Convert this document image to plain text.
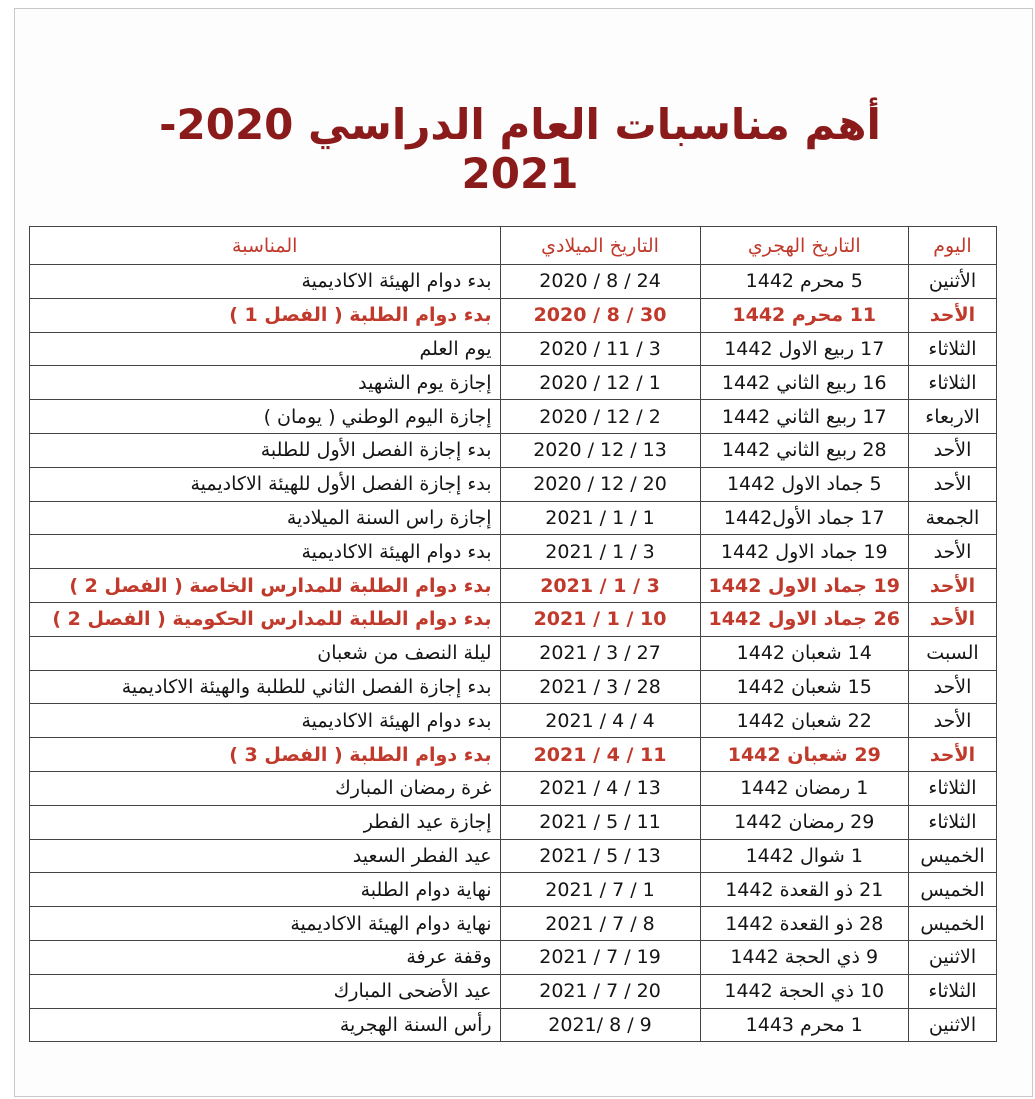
أهم مناسبات العام الدراسي 2020-2021
اليوم	التاريخ الهجري	التاريخ الميلادي	المناسبة
الأثنين	5 محرم 1442	2020 / 8 / 24	بدء دوام الهيئة الاكاديمية
الأحد	11 محرم 1442	2020 / 8 / 30	بدء دوام الطلبة ( الفصل 1 )
الثلاثاء	17 ربيع الاول 1442	2020 / 11 / 3	يوم العلم
الثلاثاء	16 ربيع الثاني 1442	2020 / 12 / 1	إجازة يوم الشهيد
الاربعاء	17 ربيع الثاني 1442	2020 / 12 / 2	إجازة اليوم الوطني ( يومان )
الأحد	28 ربيع الثاني 1442	2020 / 12 / 13	بدء إجازة الفصل الأول للطلبة
الأحد	5 جماد الاول 1442	2020 / 12 / 20	بدء إجازة الفصل الأول للهيئة الاكاديمية
الجمعة	17 جماد الأول1442	2021 / 1 / 1	إجازة راس السنة الميلادية
الأحد	19 جماد الاول 1442	2021 / 1 / 3	بدء دوام الهيئة الاكاديمية
الأحد	19 جماد الاول 1442	2021 / 1 / 3	بدء دوام الطلبة للمدارس الخاصة ( الفصل 2 )
الأحد	26 جماد الاول 1442	2021 / 1 / 10	بدء دوام الطلبة للمدارس الحكومية ( الفصل 2 )
السبت	14 شعبان 1442	2021 / 3 / 27	ليلة النصف من شعبان
الأحد	15 شعبان 1442	2021 / 3 / 28	بدء إجازة الفصل الثاني للطلبة والهيئة الاكاديمية
الأحد	22 شعبان 1442	2021 / 4 / 4	بدء دوام الهيئة الاكاديمية
الأحد	29 شعبان 1442	2021 / 4 / 11	بدء دوام الطلبة ( الفصل 3 )
الثلاثاء	1 رمضان 1442	2021 / 4 / 13	غرة رمضان المبارك
الثلاثاء	29 رمضان 1442	2021 / 5 / 11	إجازة عيد الفطر
الخميس	1 شوال 1442	2021 / 5 / 13	عيد الفطر السعيد
الخميس	21 ذو القعدة 1442	2021 / 7 / 1	نهاية دوام الطلبة
الخميس	28 ذو القعدة 1442	2021 / 7 / 8	نهاية دوام الهيئة الاكاديمية
الاثنين	9 ذي الحجة 1442	2021 / 7 / 19	وقفة عرفة
الثلاثاء	10 ذي الحجة 1442	2021 / 7 / 20	عيد الأضحى المبارك
الاثنين	1 محرم 1443	2021/ 8 / 9	رأس السنة الهجرية
